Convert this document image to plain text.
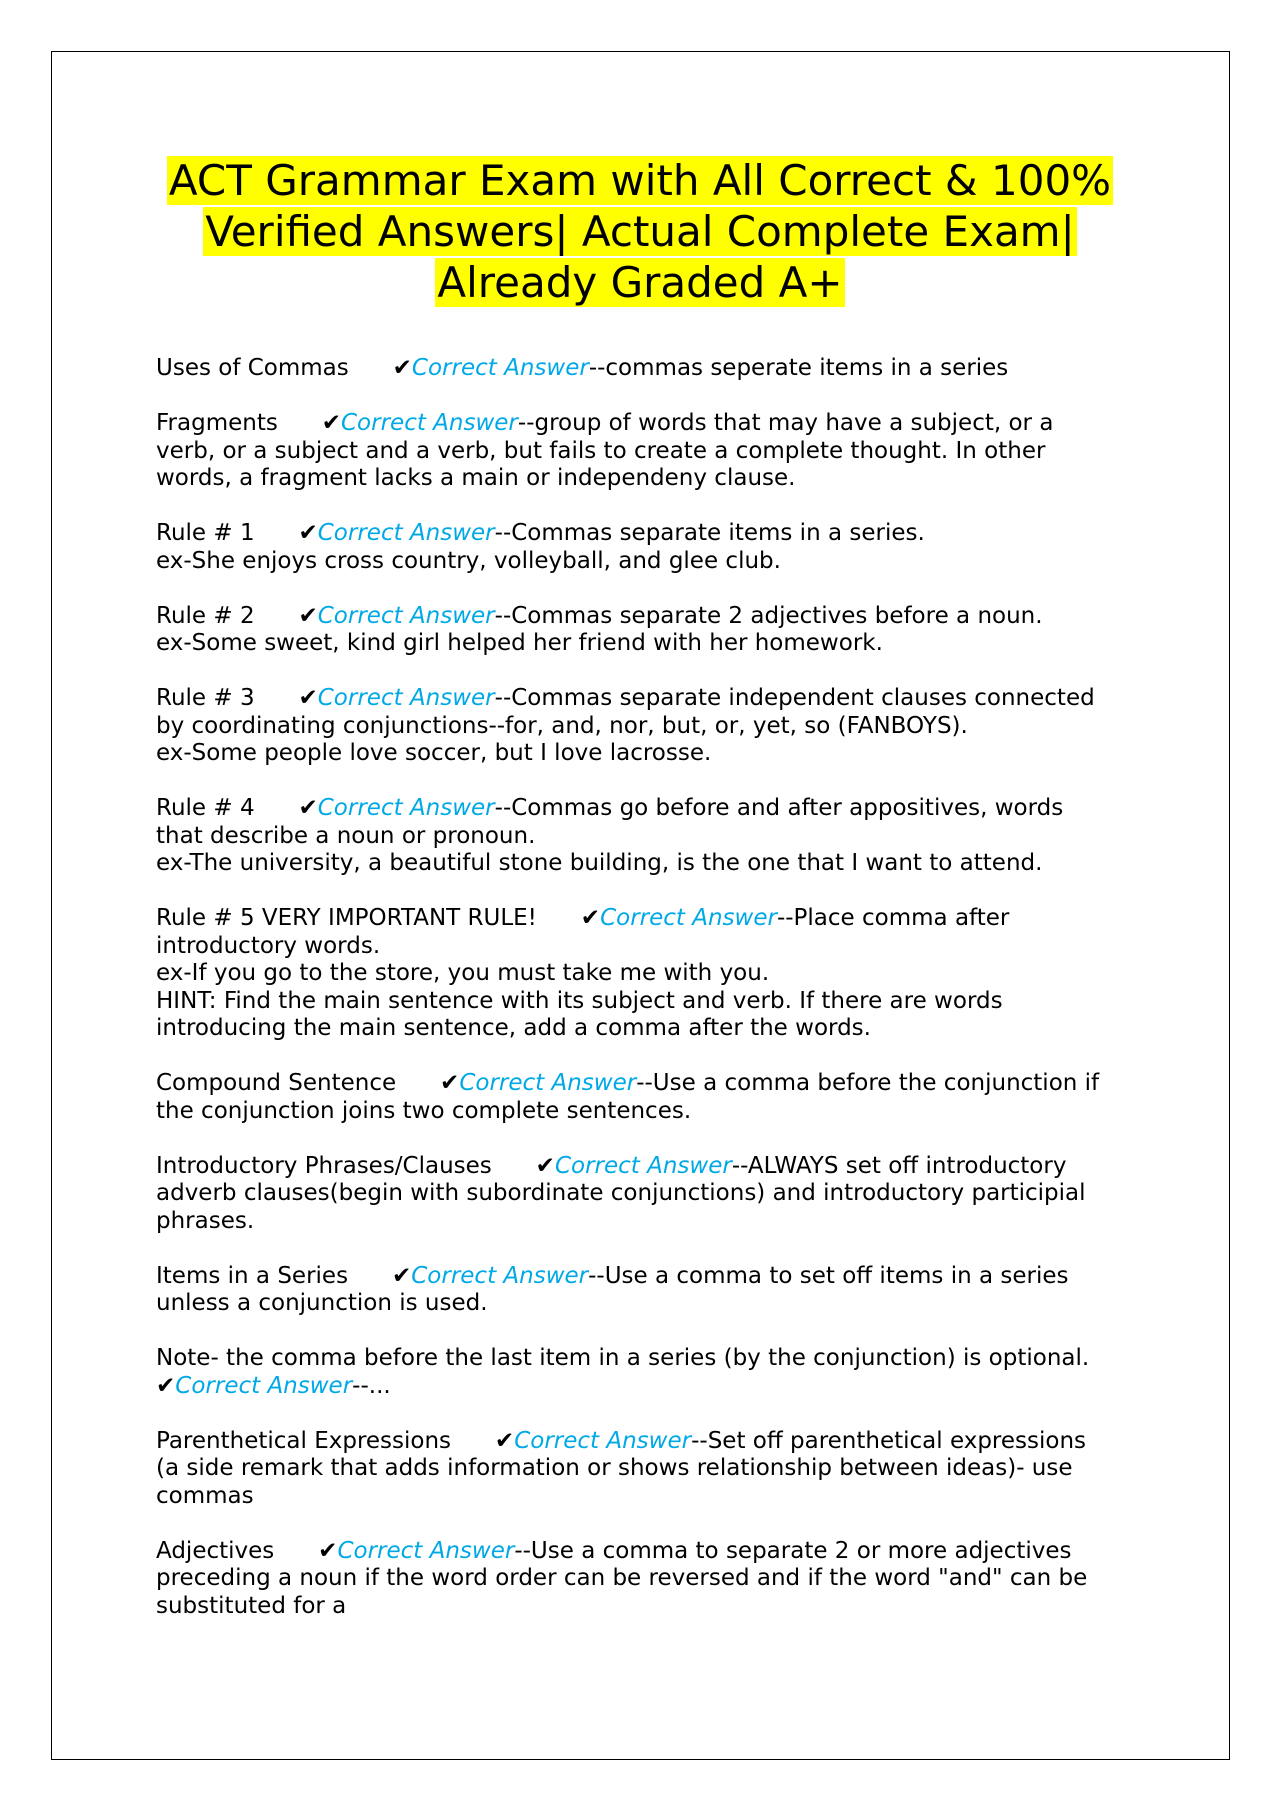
ACT Grammar Exam with All Correct & 100%
Verified Answers| Actual Complete Exam|
Already Graded A+

Uses of Commas ✔Correct Answer--commas seperate items in a series

Fragments ✔Correct Answer--group of words that may have a subject, or a

verb, or a subject and a verb, but fails to create a complete thought. In other

words, a fragment lacks a main or independeny clause.

Rule # 1 ✔Correct Answer--Commas separate items in a series.

ex-She enjoys cross country, volleyball, and glee club.

Rule # 2 ✔Correct Answer--Commas separate 2 adjectives before a noun.

ex-Some sweet, kind girl helped her friend with her homework.

Rule # 3 ✔Correct Answer--Commas separate independent clauses connected

by coordinating conjunctions--for, and, nor, but, or, yet, so (FANBOYS).

ex-Some people love soccer, but I love lacrosse.

Rule # 4 ✔Correct Answer--Commas go before and after appositives, words

that describe a noun or pronoun.

ex-The university, a beautiful stone building, is the one that I want to attend.

Rule # 5 VERY IMPORTANT RULE! ✔Correct Answer--Place comma after

introductory words.

ex-If you go to the store, you must take me with you.

HINT: Find the main sentence with its subject and verb. If there are words

introducing the main sentence, add a comma after the words.

Compound Sentence ✔Correct Answer--Use a comma before the conjunction if

the conjunction joins two complete sentences.

Introductory Phrases/Clauses ✔Correct Answer--ALWAYS set off introductory

adverb clauses(begin with subordinate conjunctions) and introductory participial

phrases.

Items in a Series ✔Correct Answer--Use a comma to set off items in a series

unless a conjunction is used.

Note- the comma before the last item in a series (by the conjunction) is optional.

✔Correct Answer--...

Parenthetical Expressions ✔Correct Answer--Set off parenthetical expressions

(a side remark that adds information or shows relationship between ideas)- use

commas

Adjectives ✔Correct Answer--Use a comma to separate 2 or more adjectives

preceding a noun if the word order can be reversed and if the word "and" can be

substituted for a
